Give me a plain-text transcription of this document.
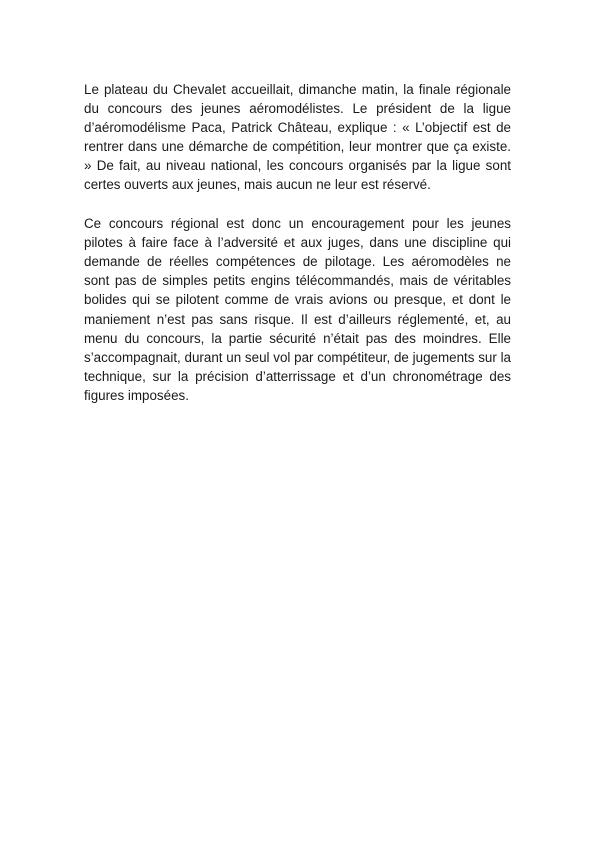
Le plateau du Chevalet accueillait, dimanche matin, la finale régionale du concours des jeunes aéromodélistes. Le président de la ligue d’aéromodélisme Paca, Patrick Château, explique : « L’objectif est de rentrer dans une démarche de compétition, leur montrer que ça existe. » De fait, au niveau national, les concours organisés par la ligue sont certes ouverts aux jeunes, mais aucun ne leur est réservé.

Ce concours régional est donc un encouragement pour les jeunes pilotes à faire face à l’adversité et aux juges, dans une discipline qui demande de réelles compétences de pilotage. Les aéromodèles ne sont pas de simples petits engins télécommandés, mais de véritables bolides qui se pilotent comme de vrais avions ou presque, et dont le maniement n’est pas sans risque. Il est d’ailleurs réglementé, et, au menu du concours, la partie sécurité n’était pas des moindres. Elle s’accompagnait, durant un seul vol par compétiteur, de jugements sur la technique, sur la précision d’atterrissage et d’un chronométrage des figures imposées.
